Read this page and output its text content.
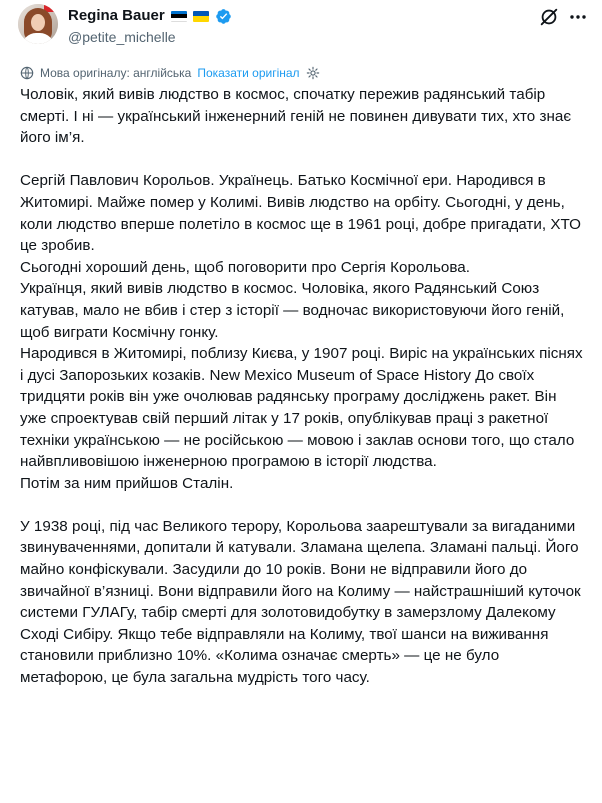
Regina Bauer
@petite_michelle
Мова оригіналу: англійська Показати оригінал

Чоловік, який вивів людство в космос, спочатку пережив радянський табір смерті. І ні — український інженерний геній не повинен дивувати тих, хто знає його ім’я.

Сергій Павлович Корольов. Українець. Батько Космічної ери. Народився в Житомирі. Майже помер у Колимі. Вивів людство на орбіту. Сьогодні, у день, коли людство вперше полетіло в космос ще в 1961 році, добре пригадати, ХТО це зробив.

Сьогодні хороший день, щоб поговорити про Сергія Корольова.

Українця, який вивів людство в космос. Чоловіка, якого Радянський Союз катував, мало не вбив і стер з історії — водночас використовуючи його геній, щоб виграти Космічну гонку.

Народився в Житомирі, поблизу Києва, у 1907 році. Виріс на українських піснях і дусі Запорозьких козаків. New Mexico Museum of Space History До своїх тридцяти років він уже очолював радянську програму досліджень ракет. Він уже спроектував свій перший літак у 17 років, опублікував праці з ракетної техніки українською — не російською — мовою і заклав основи того, що стало найвпливовішою інженерною програмою в історії людства.

Потім за ним прийшов Сталін.

У 1938 році, під час Великого терору, Корольова заарештували за вигаданими звинуваченнями, допитали й катували. Зламана щелепа. Зламані пальці. Його майно конфіскували. Засудили до 10 років. Вони не відправили його до звичайної в’язниці. Вони відправили його на Колиму — найстрашніший куточок системи ГУЛАГу, табір смерті для золотовидобутку в замерзлому Далекому Сході Сибіру. Якщо тебе відправляли на Колиму, твої шанси на виживання становили приблизно 10%. «Колима означає смерть» — це не було метафорою, це була загальна мудрість того часу.
